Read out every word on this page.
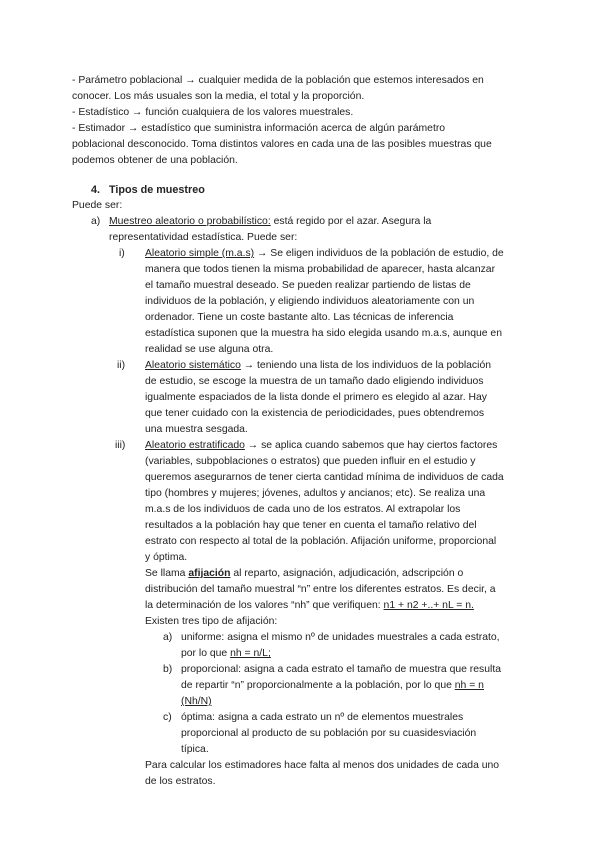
- Parámetro poblacional → cualquier medida de la población que estemos interesados en
conocer. Los más usuales son la media, el total y la proporción.
- Estadístico → función cualquiera de los valores muestrales.
- Estimador → estadístico que suministra información acerca de algún parámetro
poblacional desconocido. Toma distintos valores en cada una de las posibles muestras que
podemos obtener de una población.
4. Tipos de muestreo
Puede ser:
a) Muestreo aleatorio o probabilístico: está regido por el azar. Asegura la
representatividad estadística. Puede ser:
i) Aleatorio simple (m.a.s) → Se eligen individuos de la población de estudio, de
manera que todos tienen la misma probabilidad de aparecer, hasta alcanzar
el tamaño muestral deseado. Se pueden realizar partiendo de listas de
individuos de la población, y eligiendo individuos aleatoriamente con un
ordenador. Tiene un coste bastante alto. Las técnicas de inferencia
estadística suponen que la muestra ha sido elegida usando m.a.s, aunque en
realidad se use alguna otra.
ii) Aleatorio sistemático → teniendo una lista de los individuos de la población
de estudio, se escoge la muestra de un tamaño dado eligiendo individuos
igualmente espaciados de la lista donde el primero es elegido al azar. Hay
que tener cuidado con la existencia de periodicidades, pues obtendremos
una muestra sesgada.
iii) Aleatorio estratificado → se aplica cuando sabemos que hay ciertos factores
(variables, subpoblaciones o estratos) que pueden influir en el estudio y
queremos asegurarnos de tener cierta cantidad mínima de individuos de cada
tipo (hombres y mujeres; jóvenes, adultos y ancianos; etc). Se realiza una
m.a.s de los individuos de cada uno de los estratos. Al extrapolar los
resultados a la población hay que tener en cuenta el tamaño relativo del
estrato con respecto al total de la población. Afijación uniforme, proporcional
y óptima.
Se llama afijación al reparto, asignación, adjudicación, adscripción o
distribución del tamaño muestral “n” entre los diferentes estratos. Es decir, a
la determinación de los valores “nh” que verifiquen: n1 + n2 +..+ nL = n.
Existen tres tipo de afijación:
a) uniforme: asigna el mismo nº de unidades muestrales a cada estrato,
por lo que nh = n/L;
b) proporcional: asigna a cada estrato el tamaño de muestra que resulta
de repartir “n” proporcionalmente a la población, por lo que nh = n
(Nh/N)
c) óptima: asigna a cada estrato un nº de elementos muestrales
proporcional al producto de su población por su cuasidesviación
típica.
Para calcular los estimadores hace falta al menos dos unidades de cada uno
de los estratos.
